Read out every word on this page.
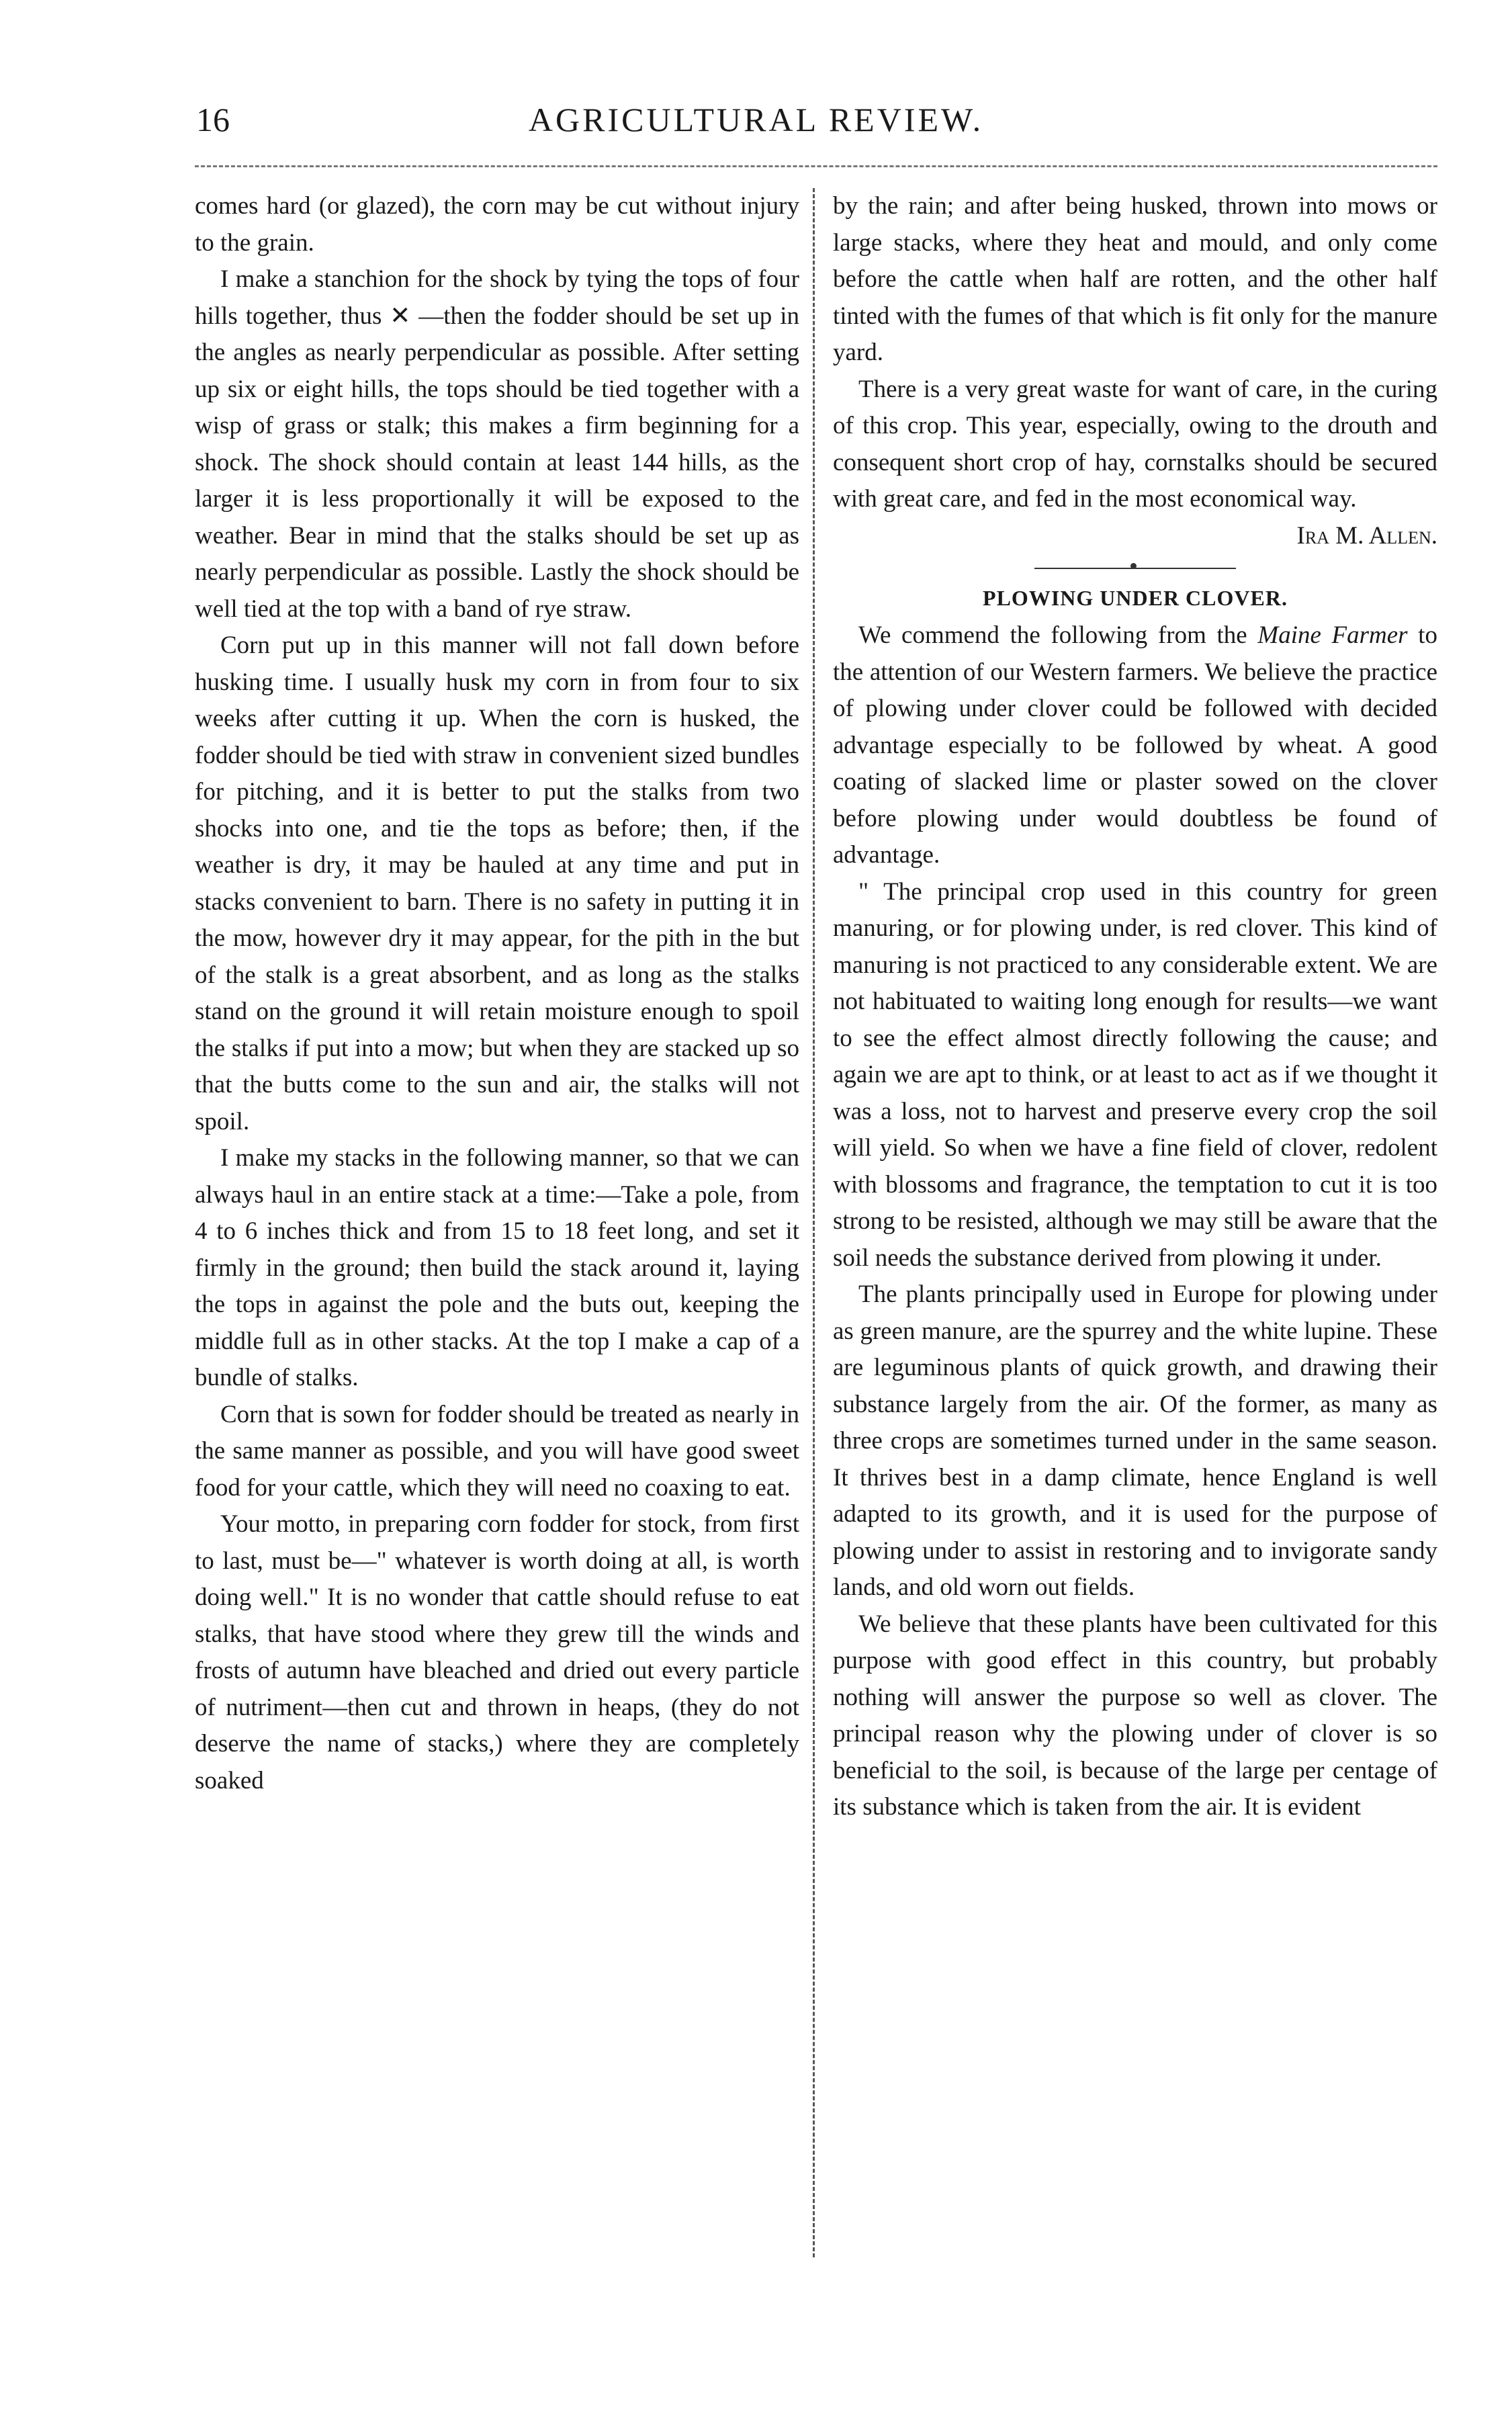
16	AGRICULTURAL REVIEW.

comes hard (or glazed), the corn may be cut without injury to the grain.

I make a stanchion for the shock by tying the tops of four hills together, thus ✕ —then the fodder should be set up in the angles as nearly perpendicular as possible. After setting up six or eight hills, the tops should be tied together with a wisp of grass or stalk; this makes a firm beginning for a shock. The shock should contain at least 144 hills, as the larger it is less proportionally it will be exposed to the weather. Bear in mind that the stalks should be set up as nearly perpendicular as possible. Lastly the shock should be well tied at the top with a band of rye straw.

Corn put up in this manner will not fall down before husking time. I usually husk my corn in from four to six weeks after cutting it up. When the corn is husked, the fodder should be tied with straw in convenient sized bundles for pitching, and it is better to put the stalks from two shocks into one, and tie the tops as before; then, if the weather is dry, it may be hauled at any time and put in stacks convenient to barn. There is no safety in putting it in the mow, however dry it may appear, for the pith in the but of the stalk is a great absorbent, and as long as the stalks stand on the ground it will retain moisture enough to spoil the stalks if put into a mow; but when they are stacked up so that the butts come to the sun and air, the stalks will not spoil.

I make my stacks in the following manner, so that we can always haul in an entire stack at a time:—Take a pole, from 4 to 6 inches thick and from 15 to 18 feet long, and set it firmly in the ground; then build the stack around it, laying the tops in against the pole and the buts out, keeping the middle full as in other stacks. At the top I make a cap of a bundle of stalks.

Corn that is sown for fodder should be treated as nearly in the same manner as possible, and you will have good sweet food for your cattle, which they will need no coaxing to eat.

Your motto, in preparing corn fodder for stock, from first to last, must be—" whatever is worth doing at all, is worth doing well." It is no wonder that cattle should refuse to eat stalks, that have stood where they grew till the winds and frosts of autumn have bleached and dried out every particle of nutriment—then cut and thrown in heaps, (they do not deserve the name of stacks,) where they are completely soaked

by the rain; and after being husked, thrown into mows or large stacks, where they heat and mould, and only come before the cattle when half are rotten, and the other half tinted with the fumes of that which is fit only for the manure yard.

There is a very great waste for want of care, in the curing of this crop. This year, especially, owing to the drouth and consequent short crop of hay, cornstalks should be secured with great care, and fed in the most economical way.

Ira M. Allen.
PLOWING UNDER CLOVER.

We commend the following from the Maine Farmer to the attention of our Western farmers. We believe the practice of plowing under clover could be followed with decided advantage especially to be followed by wheat. A good coating of slacked lime or plaster sowed on the clover before plowing under would doubtless be found of advantage.

" The principal crop used in this country for green manuring, or for plowing under, is red clover. This kind of manuring is not practiced to any considerable extent. We are not habituated to waiting long enough for results—we want to see the effect almost directly following the cause; and again we are apt to think, or at least to act as if we thought it was a loss, not to harvest and preserve every crop the soil will yield. So when we have a fine field of clover, redolent with blossoms and fragrance, the temptation to cut it is too strong to be resisted, although we may still be aware that the soil needs the substance derived from plowing it under.

The plants principally used in Europe for plowing under as green manure, are the spurrey and the white lupine. These are leguminous plants of quick growth, and drawing their substance largely from the air. Of the former, as many as three crops are sometimes turned under in the same season. It thrives best in a damp climate, hence England is well adapted to its growth, and it is used for the purpose of plowing under to assist in restoring and to invigorate sandy lands, and old worn out fields.

We believe that these plants have been cultivated for this purpose with good effect in this country, but probably nothing will answer the purpose so well as clover. The principal reason why the plowing under of clover is so beneficial to the soil, is because of the large per centage of its substance which is taken from the air. It is evident
